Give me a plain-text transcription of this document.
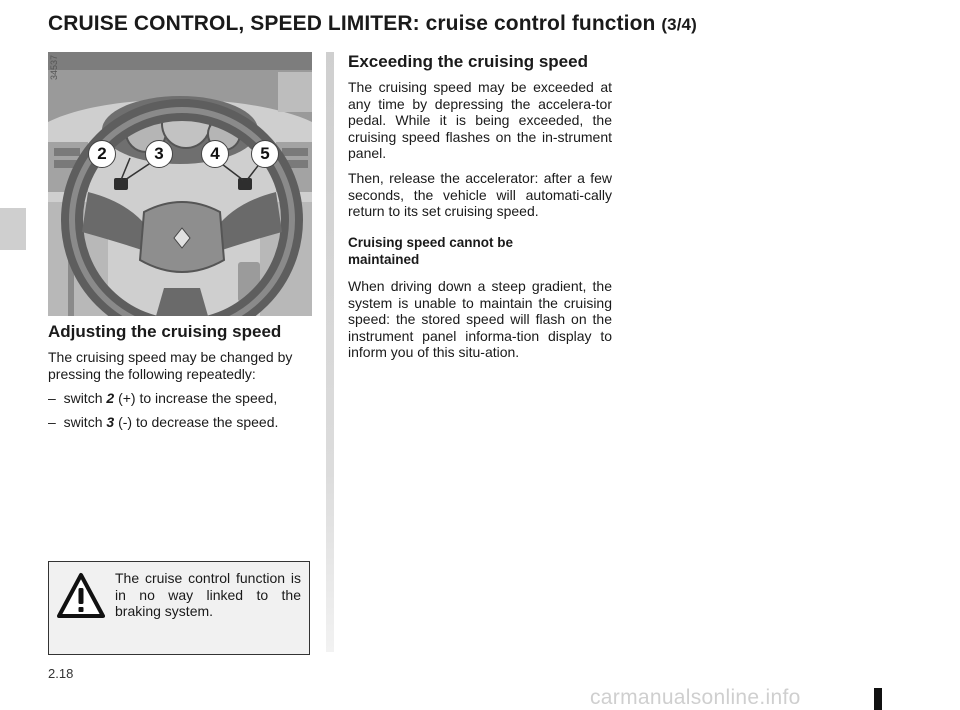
CRUISE CONTROL, SPEED LIMITER: cruise control function (3/4)
34537
2	3	4	5
Adjusting the cruising speed

The cruising speed may be changed by pressing the following repeatedly:

– switch 2 (+) to increase the speed,

– switch 3 (-) to decrease the speed.

The cruise control function is in no way linked to the braking system.

Exceeding the cruising speed

The cruising speed may be exceeded at any time by depressing the accelera-tor pedal. While it is being exceeded, the cruising speed flashes on the in-strument panel.

Then, release the accelerator: after a few seconds, the vehicle will automati-cally return to its set cruising speed.

Cruising speed cannot be maintained

When driving down a steep gradient, the system is unable to maintain the cruising speed: the stored speed will flash on the instrument panel informa-tion display to inform you of this situ-ation.

2.18

carmanualsonline.info
